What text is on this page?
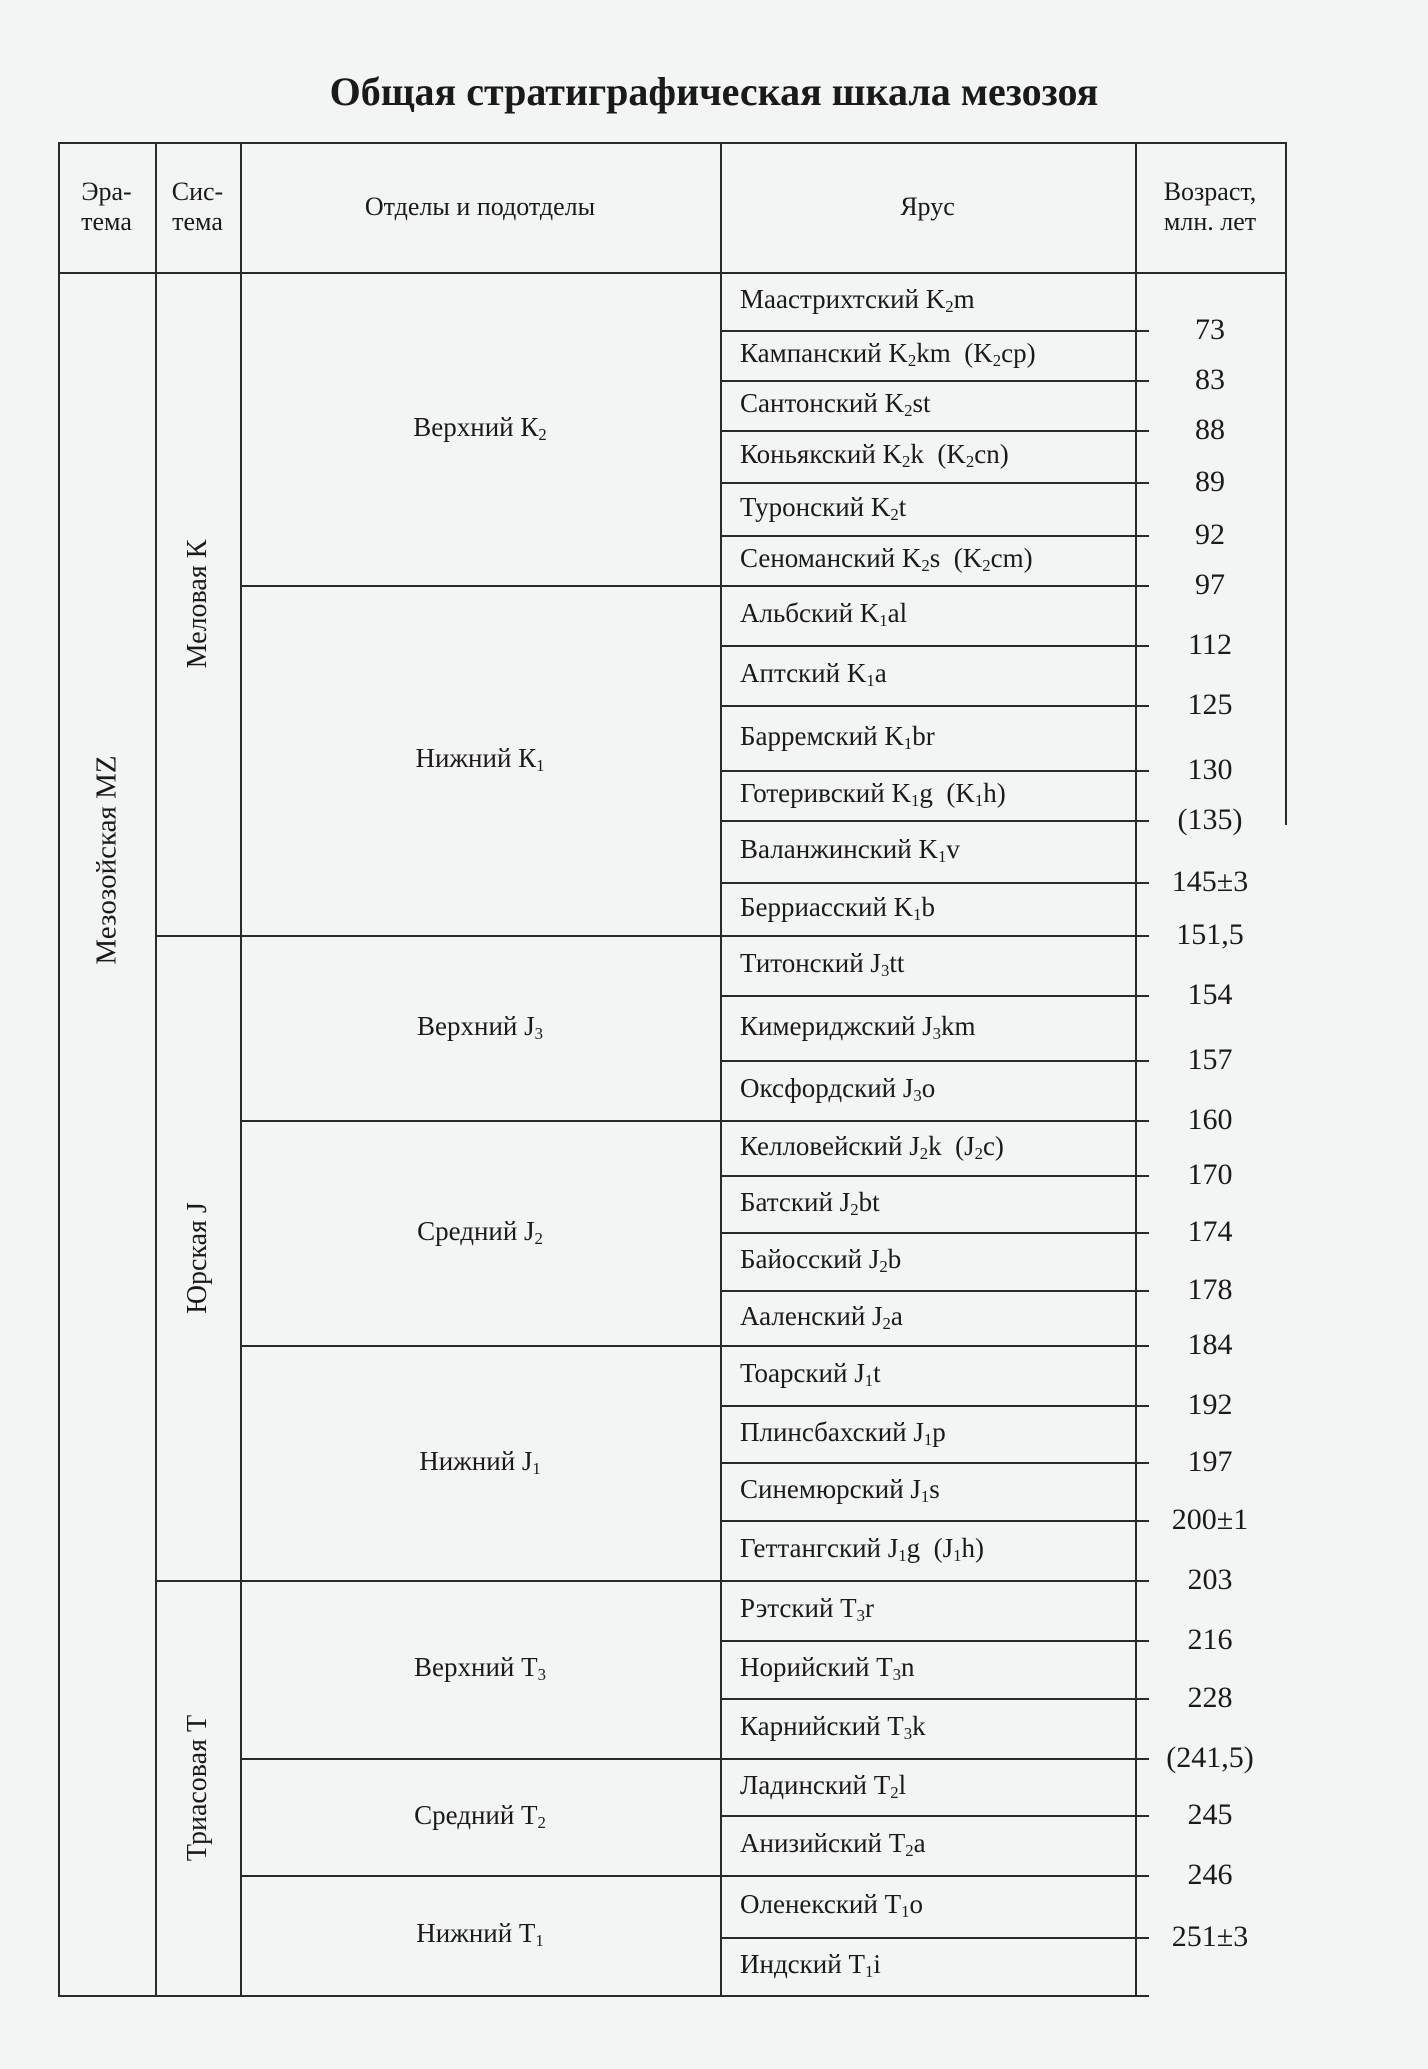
Общая стратиграфическая шкала мезозоя
Эра-
тема
Сис-
тема
Отделы и подотделы	Ярус
Возраст,
млн. лет
Маастрихтский $K_2m$
Кампанский $K_2km$  $(K_2cp)$
Сантонский $K_2st$
Коньякский $K_2k$  $(K_2cn)$
Туронский $K_2t$
Сеноманский $K_2s$  $(K_2cm)$
Альбский $K_1al$
Аптский $K_1a$
Барремский $K_1br$
Готеривский $K_1g$  $(K_1h)$
Валанжинский $K_1v$
Берриасский $K_1b$
Титонский $J_3tt$
Кимериджский $J_3km$
Оксфордский $J_3o$
Келловейский $J_2k$  $(J_2c)$
Батский $J_2bt$
Байосский $J_2b$
Ааленский $J_2a$
Тоарский $J_1t$
Плинсбахский $J_1p$
Синемюрский $J_1s$
Геттангский $J_1g$  $(J_1h)$
Рэтский $T_3r$
Норийский $T_3n$
Карнийский $T_3k$
Ладинский $T_2l$
Анизийский $T_2a$
Оленекский $T_1o$
Индский $T_1i$
73
83
88
89
92
97
112
125
130
(135)
145±3
151,5
154
157
160
170
174
178
184
192
197
200±1
203
216
228
(241,5)
245
246
251±3
Верхний $К_2$
Нижний $К_1$
Верхний $J_3$
Средний $J_2$
Нижний $J_1$
Верхний $Т_3$
Средний $Т_2$
Нижний $Т_1$
Меловая К
Юрская J
Триасовая Т
Мезозойская MZ
